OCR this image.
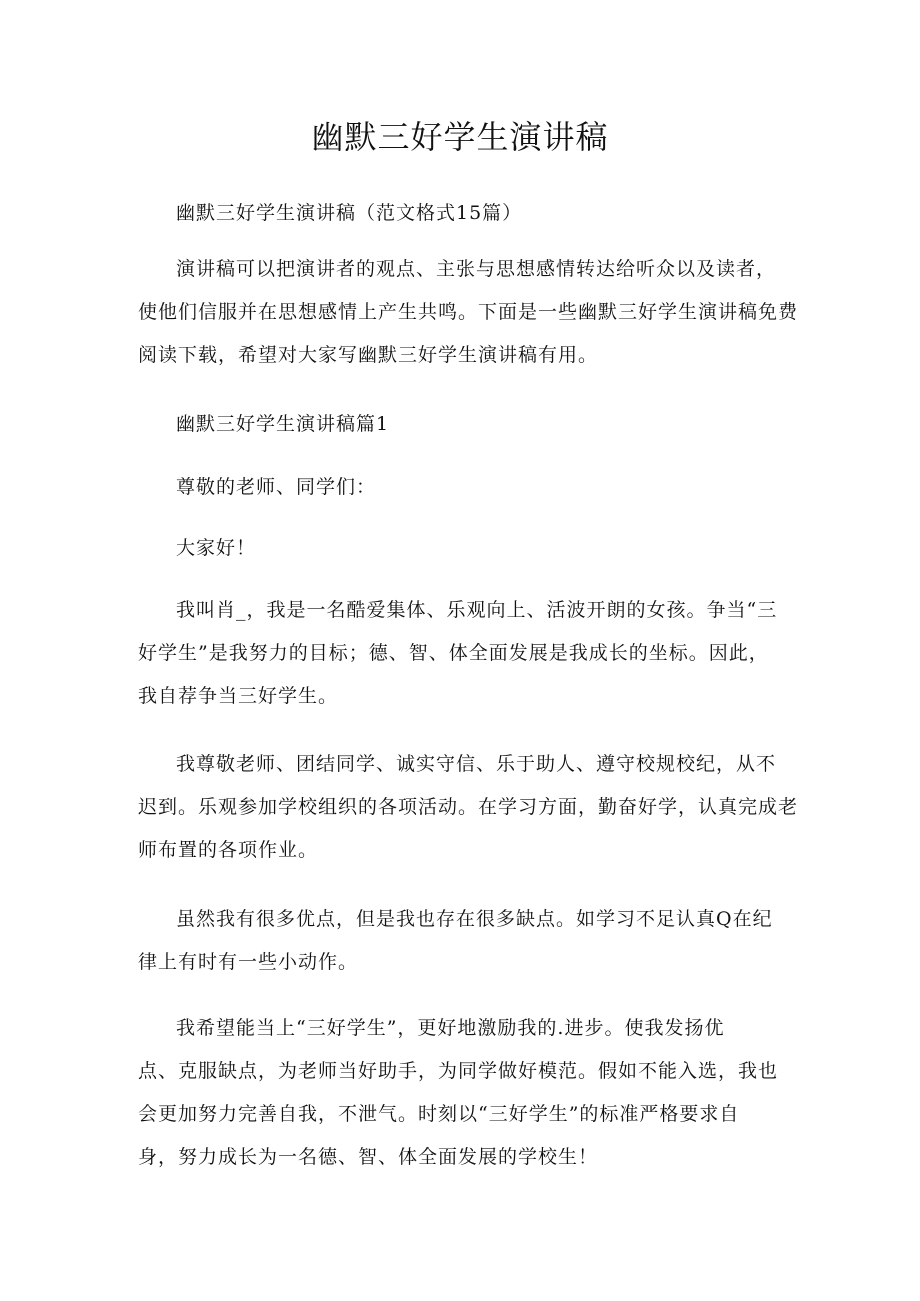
幽默三好学生演讲稿

幽默三好学生演讲稿（范文格式15篇）

演讲稿可以把演讲者的观点、主张与思想感情转达给听众以及读者，
使他们信服并在思想感情上产生共鸣。下面是一些幽默三好学生演讲稿免费
阅读下载，希望对大家写幽默三好学生演讲稿有用。

幽默三好学生演讲稿篇1

尊敬的老师、同学们：

大家好！

我叫肖_，我是一名酷爱集体、乐观向上、活波开朗的女孩。争当“三
好学生”是我努力的目标；德、智、体全面发展是我成长的坐标。因此，
我自荐争当三好学生。
我尊敬老师、团结同学、诚实守信、乐于助人、遵守校规校纪，从不
迟到。乐观参加学校组织的各项活动。在学习方面，勤奋好学，认真完成老
师布置的各项作业。
虽然我有很多优点，但是我也存在很多缺点。如学习不足认真Q在纪
律上有时有一些小动作。
我希望能当上“三好学生”，更好地激励我的.进步。使我发扬优
点、克服缺点，为老师当好助手，为同学做好模范。假如不能入选，我也
会更加努力完善自我，不泄气。时刻以“三好学生”的标准严格要求自
身，努力成长为一名德、智、体全面发展的学校生！
